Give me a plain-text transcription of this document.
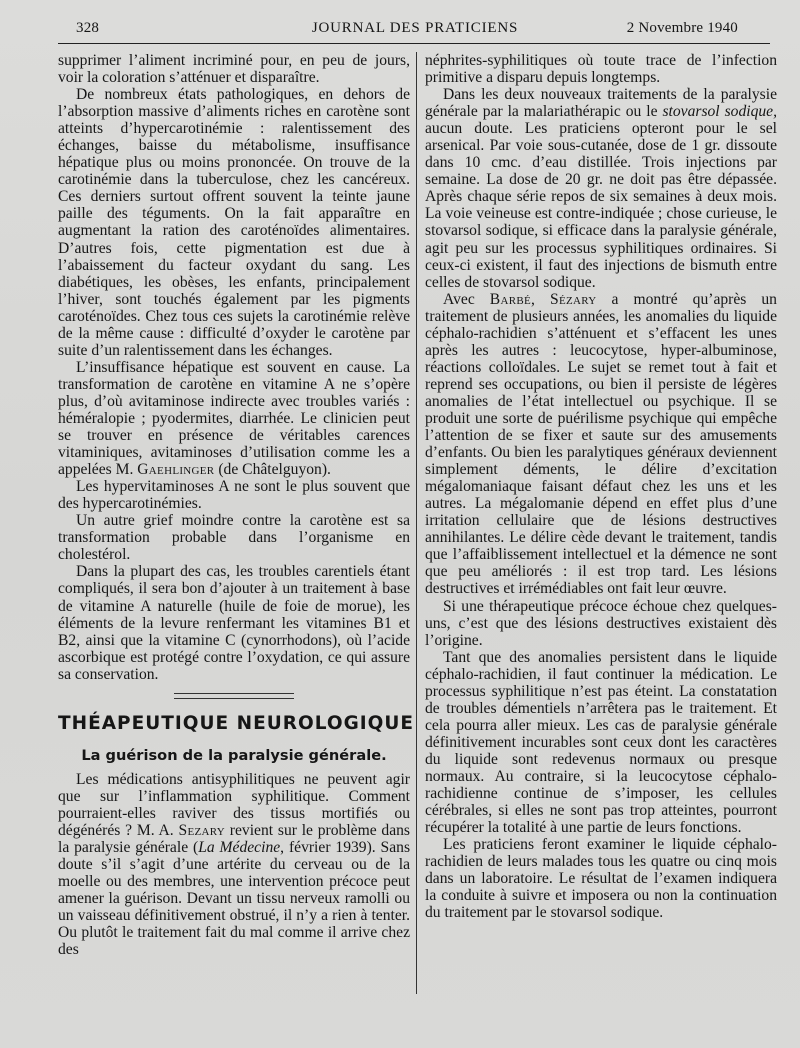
328	JOURNAL DES PRATICIENS	2 Novembre 1940

supprimer l’aliment incriminé pour, en peu de jours, voir la coloration s’atténuer et disparaître.

De nombreux états pathologiques, en dehors de l’absorption massive d’aliments riches en carotène sont atteints d’hypercarotinémie : ralentissement des échanges, baisse du métabolisme, insuffisance hépatique plus ou moins prononcée. On trouve de la carotinémie dans la tuberculose, chez les cancéreux. Ces derniers surtout offrent souvent la teinte jaune paille des téguments. On la fait apparaître en augmentant la ration des caroténoïdes alimentaires. D’autres fois, cette pigmentation est due à l’abaissement du facteur oxydant du sang. Les diabétiques, les obèses, les enfants, principalement l’hiver, sont touchés également par les pigments caroténoïdes. Chez tous ces sujets la carotinémie relève de la même cause : difficulté d’oxyder le carotène par suite d’un ralentissement dans les échanges.

L’insuffisance hépatique est souvent en cause. La transformation de carotène en vitamine A ne s’opère plus, d’où avitaminose indirecte avec troubles variés : héméralopie ; pyodermites, diarrhée. Le clinicien peut se trouver en présence de véritables carences vitaminiques, avitaminoses d’utilisation comme les a appelées M. Gaehlinger (de Châtelguyon).

Les hypervitaminoses A ne sont le plus souvent que des hypercarotinémies.

Un autre grief moindre contre la carotène est sa transformation probable dans l’organisme en cholestérol.

Dans la plupart des cas, les troubles carentiels étant compliqués, il sera bon d’ajouter à un traitement à base de vitamine A naturelle (huile de foie de morue), les éléments de la levure renfermant les vitamines B1 et B2, ainsi que la vitamine C (cynorrhodons), où l’acide ascorbique est protégé contre l’oxydation, ce qui assure sa conservation.

THÉAPEUTIQUE NEUROLOGIQUE
La guérison de la paralysie générale.

Les médications antisyphilitiques ne peuvent agir que sur l’inflammation syphilitique. Comment pourraient-elles raviver des tissus mortifiés ou dégénérés ? M. A. Sezary revient sur le problème dans la paralysie générale (La Médecine, février 1939). Sans doute s’il s’agit d’une artérite du cerveau ou de la moelle ou des membres, une intervention précoce peut amener la guérison. Devant un tissu nerveux ramolli ou un vaisseau définitivement obstrué, il n’y a rien à tenter. Ou plutôt le traitement fait du mal comme il arrive chez des

néphrites-syphilitiques où toute trace de l’infection primitive a disparu depuis longtemps.

Dans les deux nouveaux traitements de la paralysie générale par la malariathérapic ou le stovarsol sodique, aucun doute. Les praticiens opteront pour le sel arsenical. Par voie sous-cutanée, dose de 1 gr. dissoute dans 10 cmc. d’eau distillée. Trois injections par semaine. La dose de 20 gr. ne doit pas être dépassée. Après chaque série repos de six semaines à deux mois. La voie veineuse est contre-indiquée ; chose curieuse, le stovarsol sodique, si efficace dans la paralysie générale, agit peu sur les processus syphilitiques ordinaires. Si ceux-ci existent, il faut des injections de bismuth entre celles de stovarsol sodique.

Avec Barbé, Sézary a montré qu’après un traitement de plusieurs années, les anomalies du liquide céphalo-rachidien s’atténuent et s’effacent les unes après les autres : leucocytose, hyper-albuminose, réactions colloïdales. Le sujet se remet tout à fait et reprend ses occupations, ou bien il persiste de légères anomalies de l’état intellectuel ou psychique. Il se produit une sorte de puérilisme psychique qui empêche l’attention de se fixer et saute sur des amusements d’enfants. Ou bien les paralytiques généraux deviennent simplement déments, le délire d’excitation mégalomaniaque faisant défaut chez les uns et les autres. La mégalomanie dépend en effet plus d’une irritation cellulaire que de lésions destructives annihilantes. Le délire cède devant le traitement, tandis que l’affaiblissement intellectuel et la démence ne sont que peu améliorés : il est trop tard. Les lésions destructives et irrémédiables ont fait leur œuvre.

Si une thérapeutique précoce échoue chez quelques-uns, c’est que des lésions destructives existaient dès l’origine.

Tant que des anomalies persistent dans le liquide céphalo-rachidien, il faut continuer la médication. Le processus syphilitique n’est pas éteint. La constatation de troubles démentiels n’arrêtera pas le traitement. Et cela pourra aller mieux. Les cas de paralysie générale définitivement incurables sont ceux dont les caractères du liquide sont redevenus normaux ou presque normaux. Au contraire, si la leucocytose céphalo-rachidienne continue de s’imposer, les cellules cérébrales, si elles ne sont pas trop atteintes, pourront récupérer la totalité à une partie de leurs fonctions.

Les praticiens feront examiner le liquide céphalo-rachidien de leurs malades tous les quatre ou cinq mois dans un laboratoire. Le résultat de l’examen indiquera la conduite à suivre et imposera ou non la continuation du traitement par le stovarsol sodique.
